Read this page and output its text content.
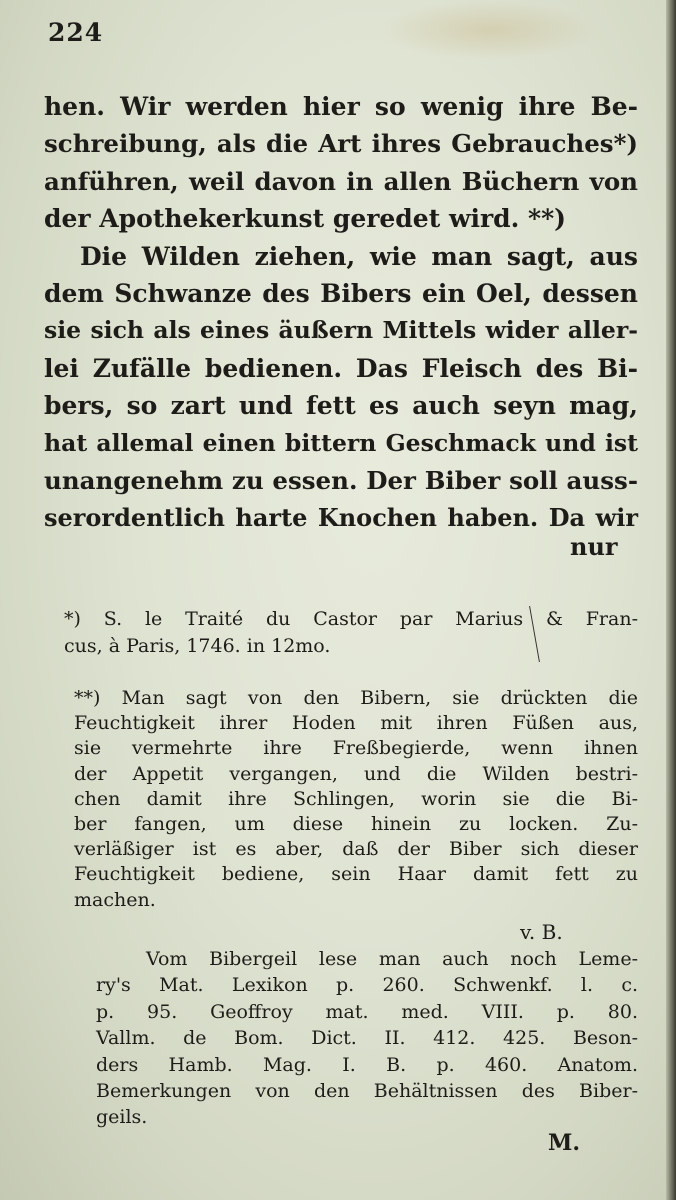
224
hen. Wir werden hier so wenig ihre Be-
schreibung, als die Art ihres Gebrauches*)
anführen, weil davon in allen Büchern von
der Apothekerkunst geredet wird. **)
Die Wilden ziehen, wie man sagt, aus
dem Schwanze des Bibers ein Oel, dessen
sie sich als eines äußern Mittels wider aller-
lei Zufälle bedienen. Das Fleisch des Bi-
bers, so zart und fett es auch seyn mag,
hat allemal einen bittern Geschmack und ist
unangenehm zu essen. Der Biber soll auss-
serordentlich harte Knochen haben. Da wir
nur
*) S. le Traité du Castor par Marius & Fran-
cus, à Paris, 1746. in 12mo.
**) Man sagt von den Bibern, sie drückten die
Feuchtigkeit ihrer Hoden mit ihren Füßen aus,
sie vermehrte ihre Freßbegierde, wenn ihnen
der Appetit vergangen, und die Wilden bestri-
chen damit ihre Schlingen, worin sie die Bi-
ber fangen, um diese hinein zu locken. Zu-
verläßiger ist es aber, daß der Biber sich dieser
Feuchtigkeit bediene, sein Haar damit fett zu
machen.
v. B.
Vom Bibergeil lese man auch noch Leme-
ry's Mat. Lexikon p. 260. Schwenkf. l. c.
p. 95. Geoffroy mat. med. VIII. p. 80.
Vallm. de Bom. Dict. II. 412. 425. Beson-
ders Hamb. Mag. I. B. p. 460. Anatom.
Bemerkungen von den Behältnissen des Biber-
geils.
M.
